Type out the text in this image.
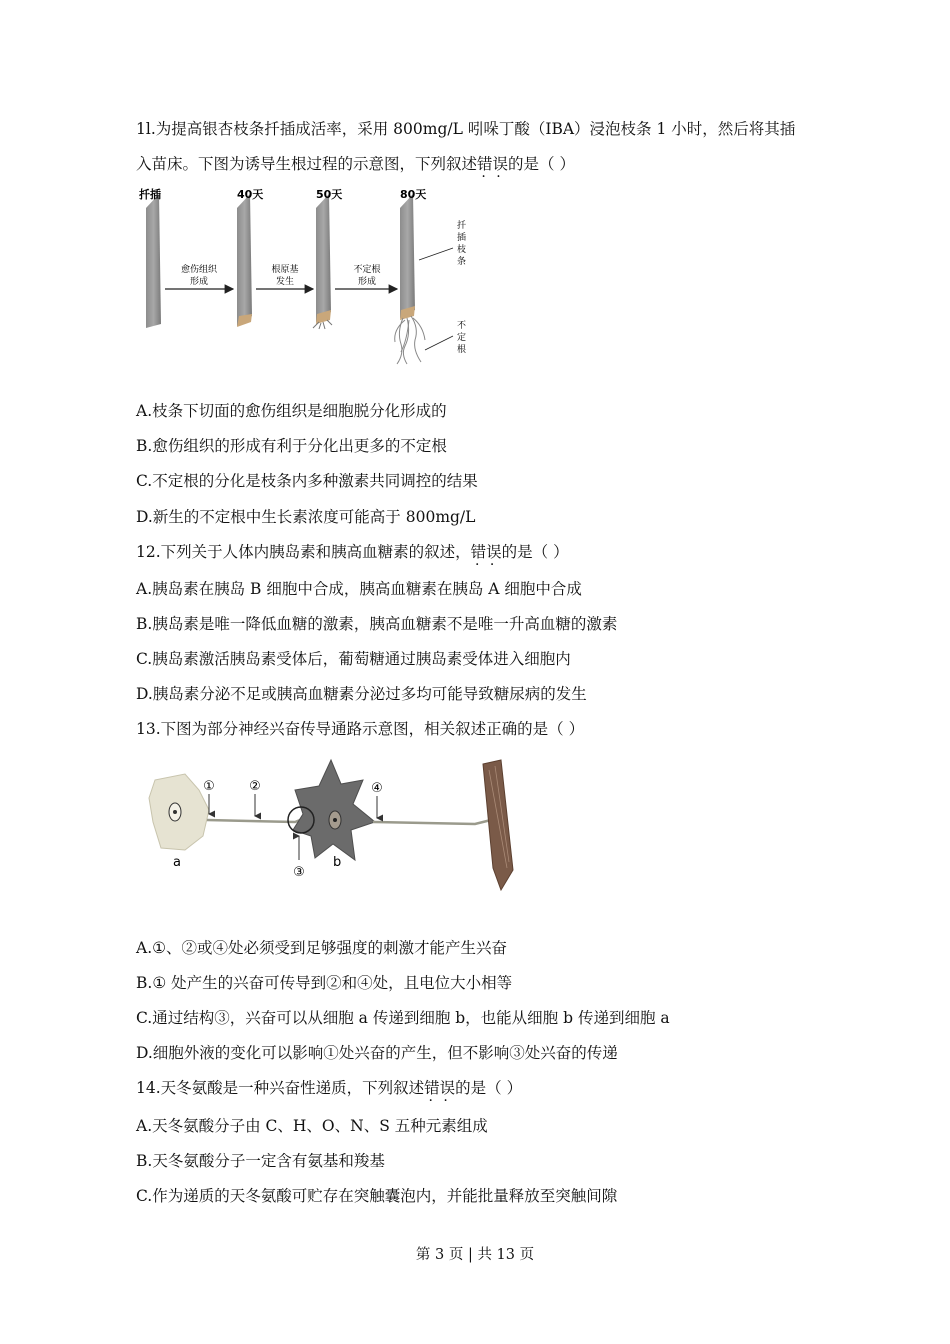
1l.为提高银杏枝条扦插成活率，采用 800mg/L 吲哚丁酸（IBA）浸泡枝条 1 小时，然后将其插
入苗床。下图为诱导生根过程的示意图，下列叙述错误 · ·的是（ ）
扦插	40天	50天	80天
愈伤组织
形成
根原基
发生
不定根
形成
扦
插
枝
条
不
定
根
A.枝条下切面的愈伤组织是细胞脱分化形成的
B.愈伤组织的形成有利于分化出更多的不定根
C.不定根的分化是枝条内多种激素共同调控的结果
D.新生的不定根中生长素浓度可能高于 800mg/L
12.下列关于人体内胰岛素和胰高血糖素的叙述，错误 · ·的是（ ）
A.胰岛素在胰岛 B 细胞中合成，胰高血糖素在胰岛 A 细胞中合成
B.胰岛素是唯一降低血糖的激素，胰高血糖素不是唯一升高血糖的激素
C.胰岛素激活胰岛素受体后，葡萄糖通过胰岛素受体进入细胞内
D.胰岛素分泌不足或胰高血糖素分泌过多均可能导致糖尿病的发生
13.下图为部分神经兴奋传导通路示意图，相关叙述正确的是（ ）
①	②
③
④
a	b
A.①、②或④处必须受到足够强度的刺激才能产生兴奋
B.① 处产生的兴奋可传导到②和④处，且电位大小相等
C.通过结构③，兴奋可以从细胞 a 传递到细胞 b，也能从细胞 b 传递到细胞 a
D.细胞外液的变化可以影响①处兴奋的产生，但不影响③处兴奋的传递
14.天冬氨酸是一种兴奋性递质，下列叙述错误 · ·的是（ ）
A.天冬氨酸分子由 C、H、O、N、S 五种元素组成
B.天冬氨酸分子一定含有氨基和羧基
C.作为递质的天冬氨酸可贮存在突触囊泡内，并能批量释放至突触间隙
第 3 页 | 共 13 页
